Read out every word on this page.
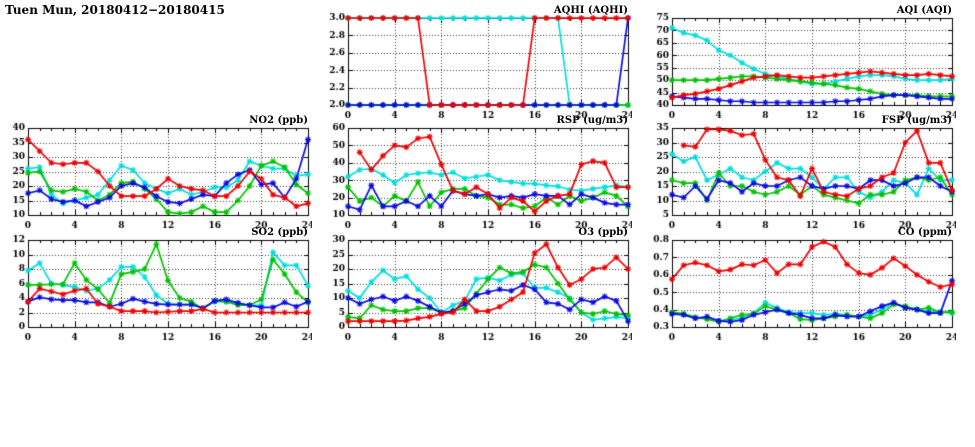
Tuen Mun, 20180412−20180415
